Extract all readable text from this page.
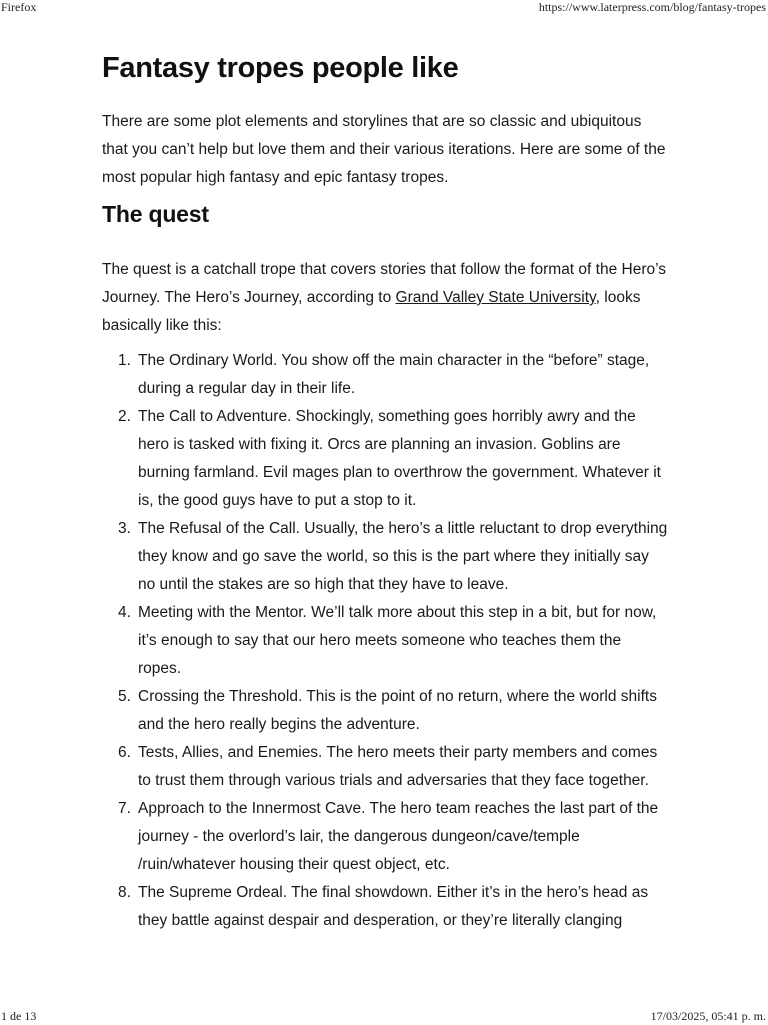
Firefox	https://www.laterpress.com/blog/fantasy-tropes
Fantasy tropes people like

There are some plot elements and storylines that are so classic and ubiquitous that you can’t help but love them and their various iterations. Here are some of the most popular high fantasy and epic fantasy tropes.

The quest

The quest is a catchall trope that covers stories that follow the format of the Hero’s Journey. The Hero’s Journey, according to Grand Valley State University, looks basically like this:

1. The Ordinary World. You show off the main character in the “before” stage, during a regular day in their life.
2. The Call to Adventure. Shockingly, something goes horribly awry and the hero is tasked with fixing it. Orcs are planning an invasion. Goblins are burning farmland. Evil mages plan to overthrow the government. Whatever it is, the good guys have to put a stop to it.
3. The Refusal of the Call. Usually, the hero’s a little reluctant to drop everything they know and go save the world, so this is the part where they initially say no until the stakes are so high that they have to leave.
4. Meeting with the Mentor. We’ll talk more about this step in a bit, but for now, it’s enough to say that our hero meets someone who teaches them the ropes.
5. Crossing the Threshold. This is the point of no return, where the world shifts and the hero really begins the adventure.
6. Tests, Allies, and Enemies. The hero meets their party members and comes to trust them through various trials and adversaries that they face together.
7. Approach to the Innermost Cave. The hero team reaches the last part of the journey - the overlord’s lair, the dangerous dungeon/cave/temple /ruin/whatever housing their quest object, etc.
8. The Supreme Ordeal. The final showdown. Either it’s in the hero’s head as they battle against despair and desperation, or they’re literally clanging
1 de 13	17/03/2025, 05:41 p. m.
